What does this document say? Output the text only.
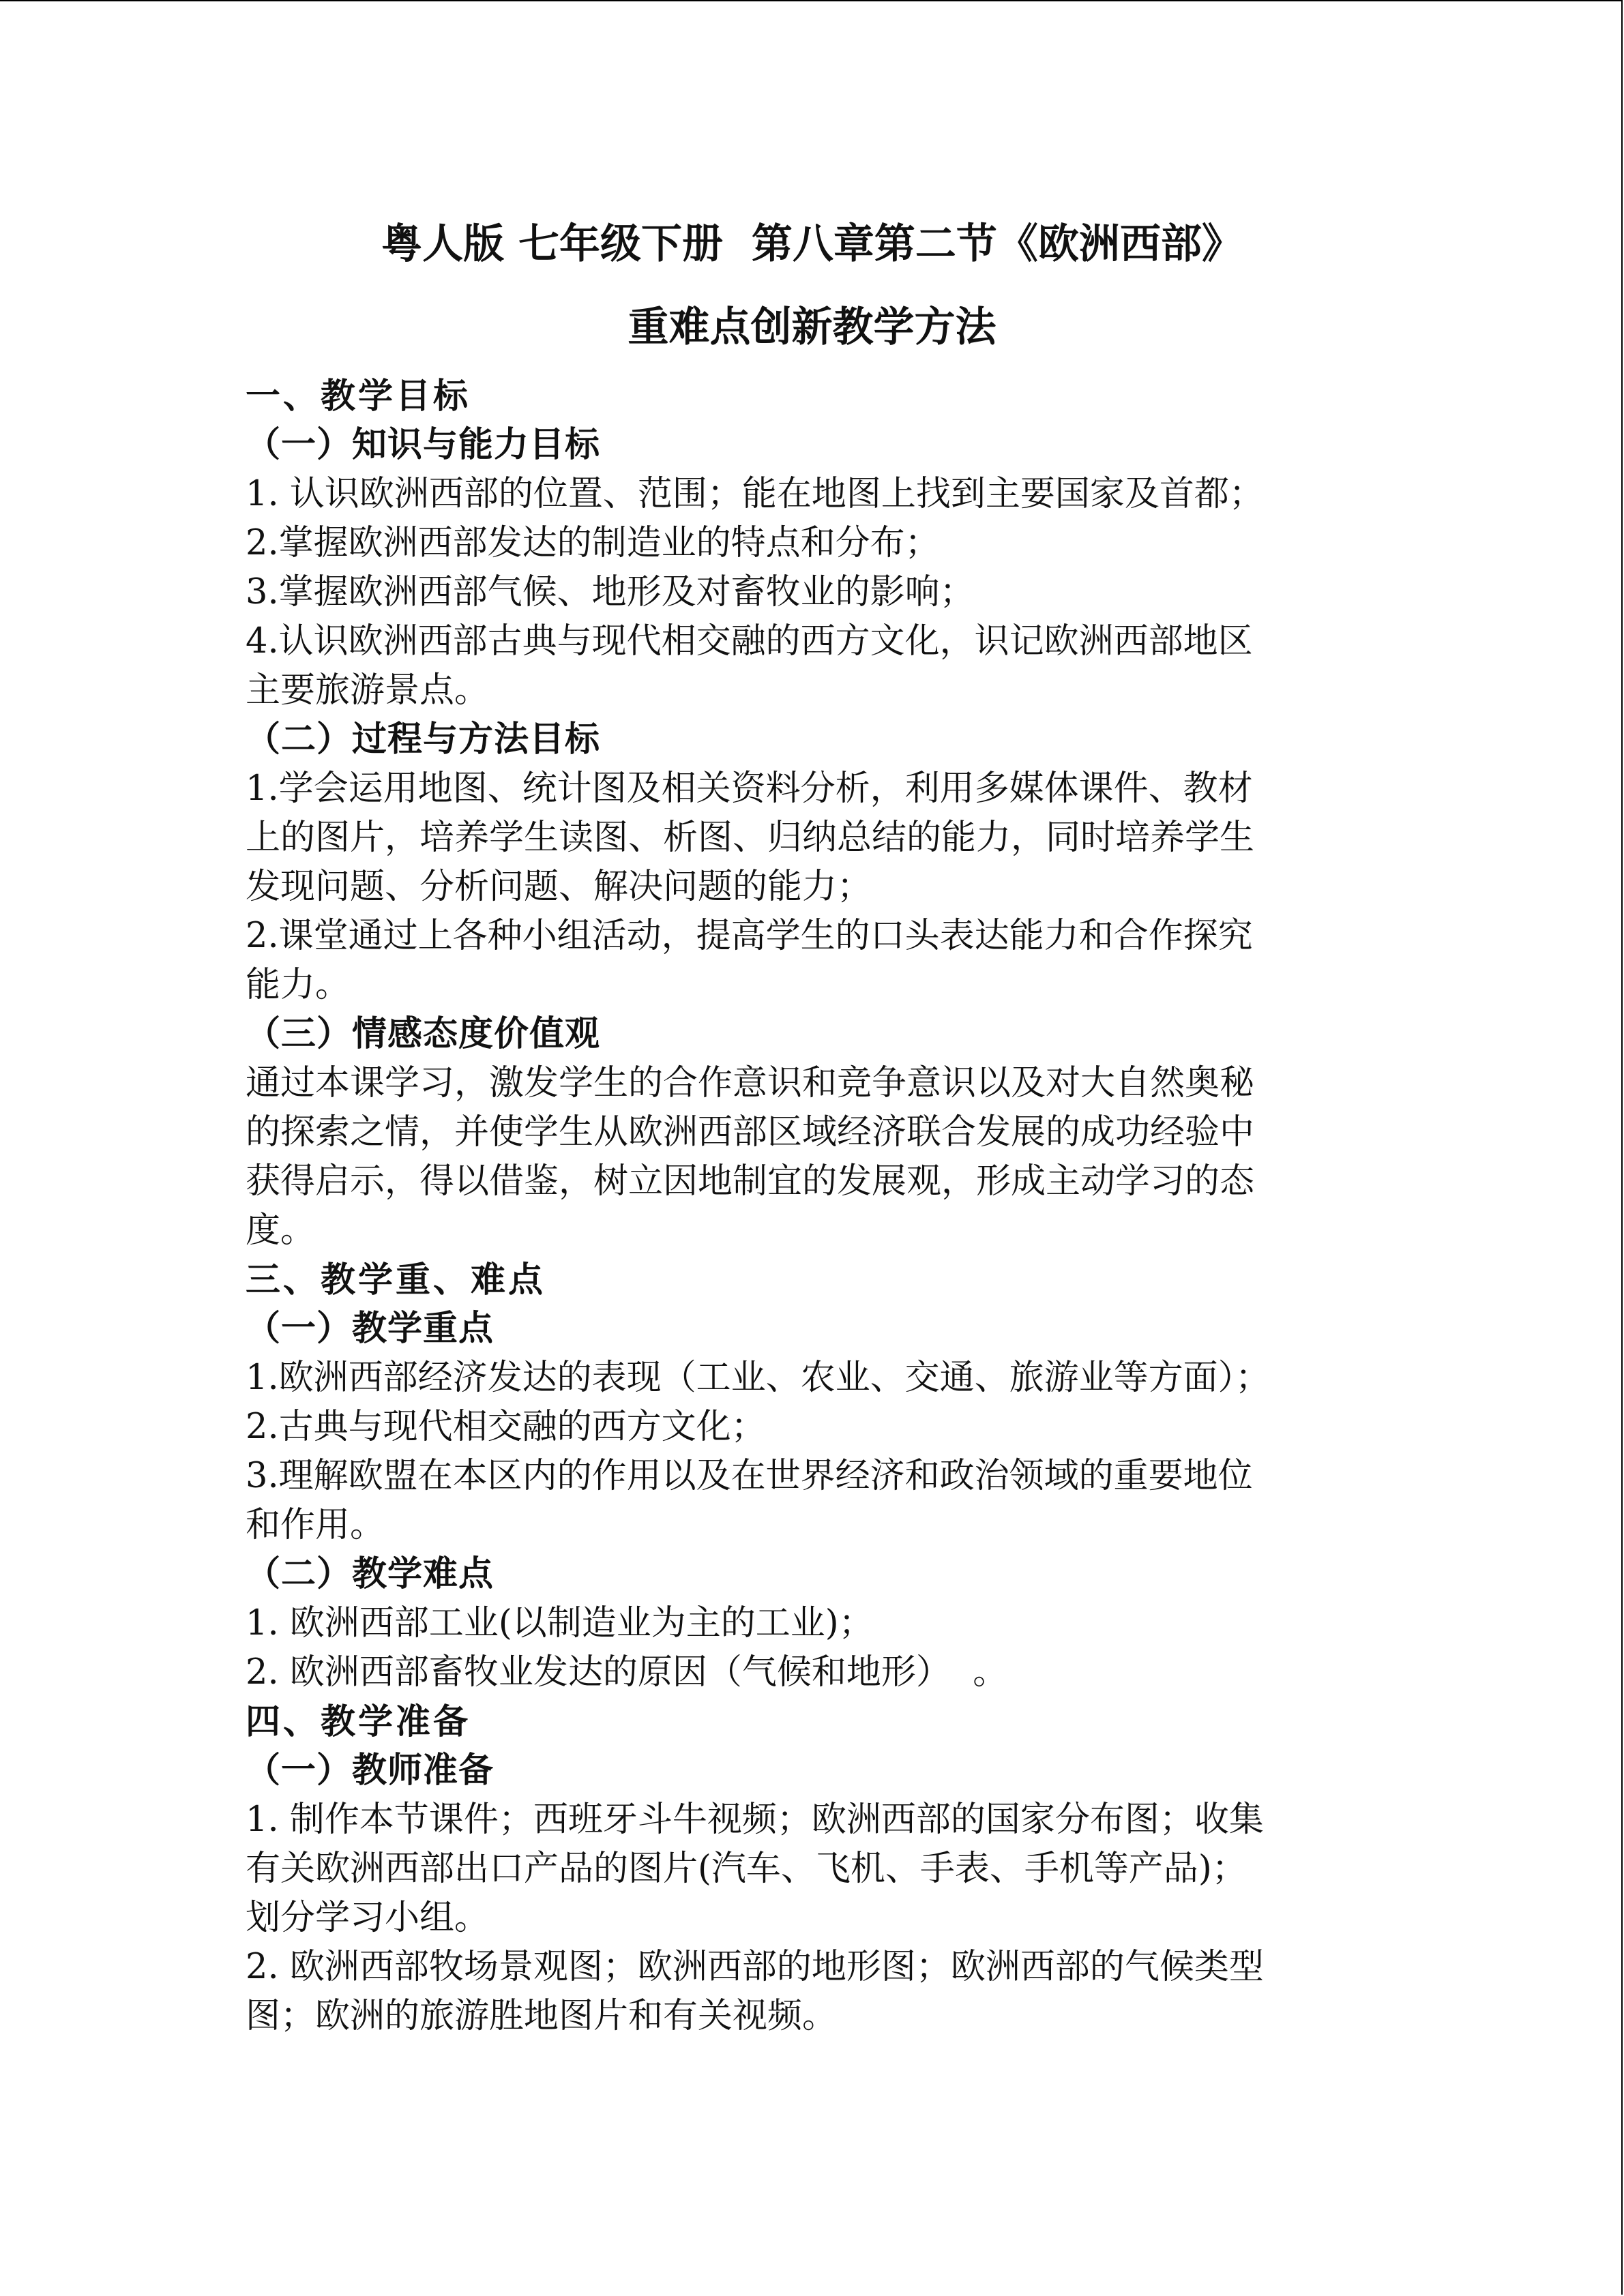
粤人版 七年级下册  第八章第二节《欧洲西部》
重难点创新教学方法
一、教学目标
（一）知识与能力目标
1. 认识欧洲西部的位置、范围；能在地图上找到主要国家及首都；
2.掌握欧洲西部发达的制造业的特点和分布；
3.掌握欧洲西部气候、地形及对畜牧业的影响；
4.认识欧洲西部古典与现代相交融的西方文化，识记欧洲西部地区
主要旅游景点。
（二）过程与方法目标
1.学会运用地图、统计图及相关资料分析，利用多媒体课件、教材
上的图片，培养学生读图、析图、归纳总结的能力，同时培养学生
发现问题、分析问题、解决问题的能力；
2.课堂通过上各种小组活动，提高学生的口头表达能力和合作探究
能力。
（三）情感态度价值观
通过本课学习，激发学生的合作意识和竞争意识以及对大自然奥秘
的探索之情，并使学生从欧洲西部区域经济联合发展的成功经验中
获得启示，得以借鉴，树立因地制宜的发展观，形成主动学习的态
度。
三、教学重、难点
（一）教学重点
1.欧洲西部经济发达的表现（工业、农业、交通、旅游业等方面）；
2.古典与现代相交融的西方文化；
3.理解欧盟在本区内的作用以及在世界经济和政治领域的重要地位
和作用。
（二）教学难点
1. 欧洲西部工业(以制造业为主的工业)；
2. 欧洲西部畜牧业发达的原因（气候和地形）  。
四、教学准备
（一）教师准备
1. 制作本节课件；西班牙斗牛视频；欧洲西部的国家分布图；收集
有关欧洲西部出口产品的图片(汽车、飞机、手表、手机等产品)；
划分学习小组。
2. 欧洲西部牧场景观图；欧洲西部的地形图；欧洲西部的气候类型
图；欧洲的旅游胜地图片和有关视频。
